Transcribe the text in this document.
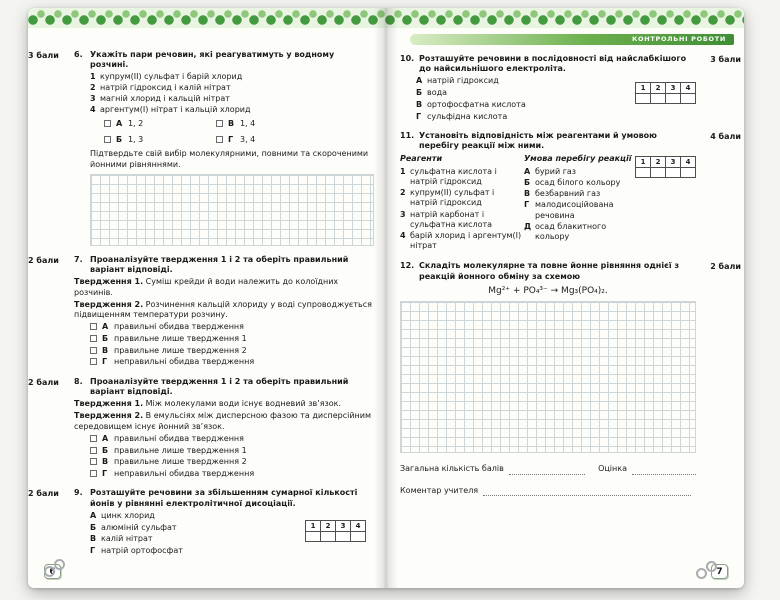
3 бали 6. Укажіть пари речовин, які реагуватимуть у водному розчині.
1 купрум(ІІ) сульфат і барій хлорид
2 натрій гідроксид і калій нітрат
3 магній хлорид і кальцій нітрат
4 аргентум(І) нітрат і кальцій хлорид
А 1, 2
Б 1, 3
В 1, 4
Г 3, 4
Підтвердьте свій вибір молекулярними, повними та скороченими йонними рівняннями.
2 бали 7. Проаналізуйте твердження 1 і 2 та оберіть правильний варіант відповіді.
Твердження 1. Суміш крейди й води належить до колоїдних розчинів.
Твердження 2. Розчинення кальцій хлориду у воді супроводжується підвищенням температури розчину.
А правильні обидва твердження
Б правильне лише твердження 1
В правильне лише твердження 2
Г неправильні обидва твердження
2 бали 8. Проаналізуйте твердження 1 і 2 та оберіть правильний варіант відповіді.
Твердження 1. Між молекулами води існує водневий зв’язок.
Твердження 2. В емульсіях між дисперсною фазою та дисперсійним середовищем існує йонний зв’язок.
А правильні обидва твердження
Б правильне лише твердження 1
В правильне лише твердження 2
Г неправильні обидва твердження
2 бали 9. Розташуйте речовини за збільшенням сумарної кількості йонів у рівнянні електролітичної дисоціації.
А цинк хлорид
Б алюміній сульфат
В калій нітрат
Г натрій ортофосфат
1	2	3	4

6
КОНТРОЛЬНІ РОБОТИ
3 бали
10. Розташуйте речовини в послідовності від найслабкішого до найсильнішого електроліта.
А натрій гідроксид
Б вода
В ортофосфатна кислота
Г сульфідна кислота
1	2	3	4

4 бали
11. Установіть відповідність між реагентами й умовою перебігу реакції між ними.
1	2	3	4

Реагенти
1 сульфатна кислота і натрій гідроксид
2 купрум(ІІ) сульфат і натрій гідроксид
3 натрій карбонат і сульфатна кислота
4 барій хлорид і аргентум(І) нітрат
Умова перебігу реакції
А бурий газ
Б осад білого кольору
В безбарвний газ
Г малодисоційована речовина
Д осад блакитного кольору
2 бали
12. Складіть молекулярне та повне йонне рівняння однієї з реакцій йонного обміну за схемою
Mg²⁺ + PO₄³⁻ → Mg₃(PO₄)₂.
Загальна кількість балів	Оцінка
Коментар учителя
7
